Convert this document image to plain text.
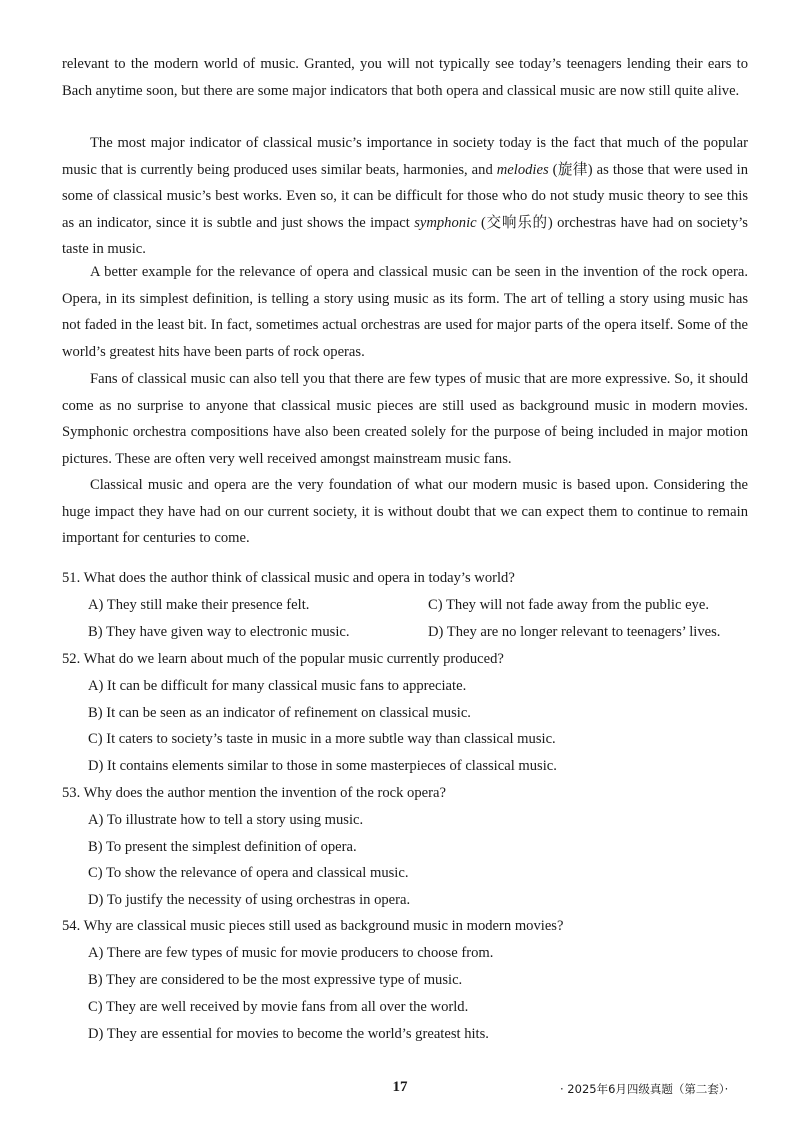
relevant to the modern world of music. Granted, you will not typically see today’s teenagers lending their ears to Bach anytime soon, but there are some major indicators that both opera and classical music are now still quite alive.

The most major indicator of classical music’s importance in society today is the fact that much of the popular music that is currently being produced uses similar beats, harmonies, and melodies (旋律) as those that were used in some of classical music’s best works. Even so, it can be difficult for those who do not study music theory to see this as an indicator, since it is subtle and just shows the impact symphonic (交响乐的) orchestras have had on society’s taste in music.

A better example for the relevance of opera and classical music can be seen in the invention of the rock opera. Opera, in its simplest definition, is telling a story using music as its form. The art of telling a story using music has not faded in the least bit. In fact, sometimes actual orchestras are used for major parts of the opera itself. Some of the world’s greatest hits have been parts of rock operas.

Fans of classical music can also tell you that there are few types of music that are more expressive. So, it should come as no surprise to anyone that classical music pieces are still used as background music in modern movies. Symphonic orchestra compositions have also been created solely for the purpose of being included in major motion pictures. These are often very well received amongst mainstream music fans.

Classical music and opera are the very foundation of what our modern music is based upon. Considering the huge impact they have had on our current society, it is without doubt that we can expect them to continue to remain important for centuries to come.

51. What does the author think of classical music and opera in today’s world?

A) They still make their presence felt.	C) They will not fade away from the public eye.

B) They have given way to electronic music.	D) They are no longer relevant to teenagers’ lives.

52. What do we learn about much of the popular music currently produced?

A) It can be difficult for many classical music fans to appreciate.

B) It can be seen as an indicator of refinement on classical music.

C) It caters to society’s taste in music in a more subtle way than classical music.

D) It contains elements similar to those in some masterpieces of classical music.

53. Why does the author mention the invention of the rock opera?

A) To illustrate how to tell a story using music.

B) To present the simplest definition of opera.

C) To show the relevance of opera and classical music.

D) To justify the necessity of using orchestras in opera.

54. Why are classical music pieces still used as background music in modern movies?

A) There are few types of music for movie producers to choose from.

B) They are considered to be the most expressive type of music.

C) They are well received by movie fans from all over the world.

D) They are essential for movies to become the world’s greatest hits.

17	· 2025年6月四级真题（第二套）·
